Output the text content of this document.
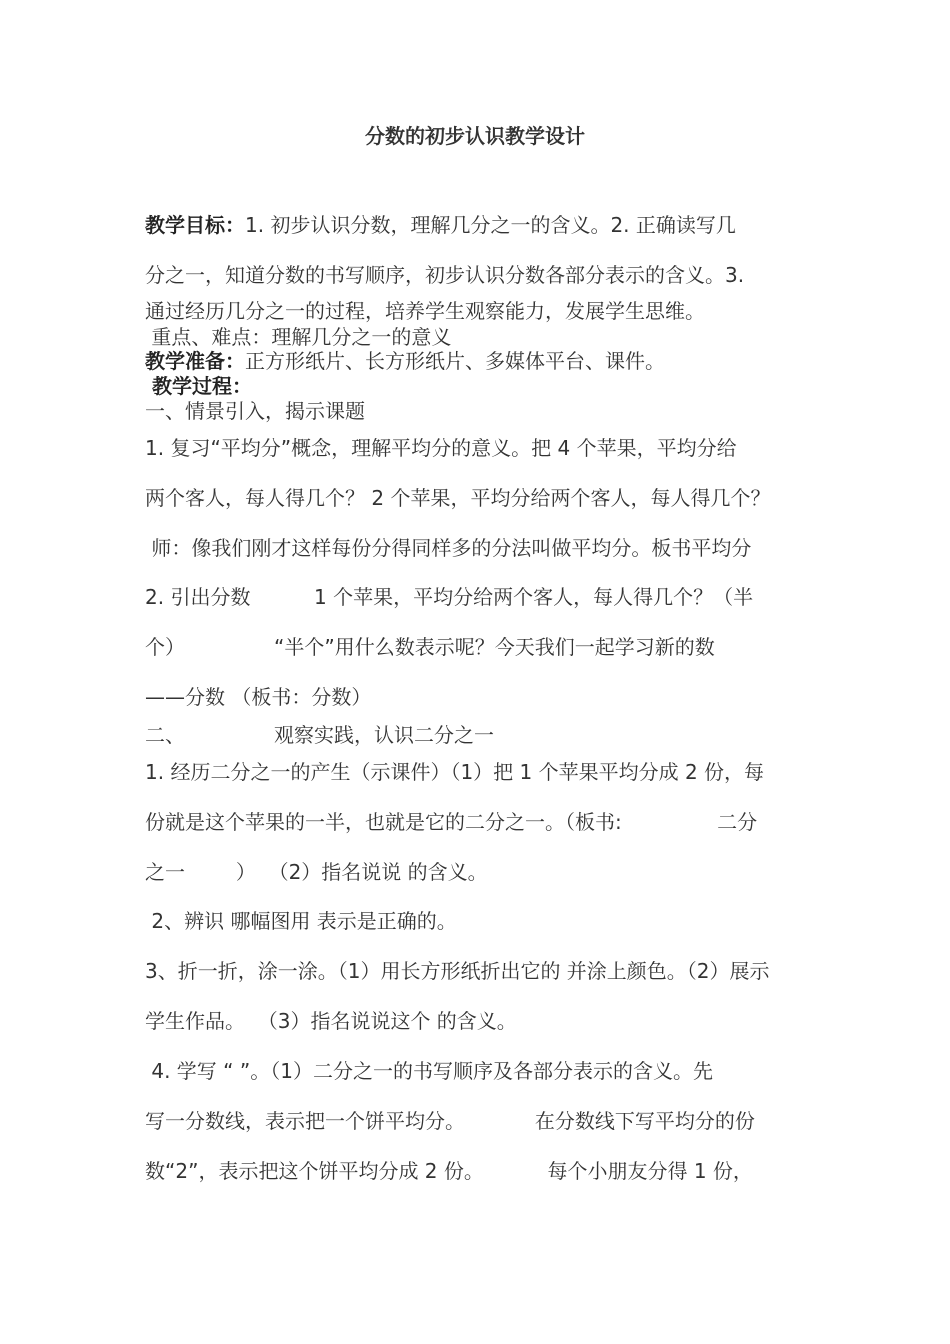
分数的初步认识教学设计

教学目标：1. 初步认识分数，理解几分之一的含义。2. 正确读写几

分之一，知道分数的书写顺序，初步认识分数各部分表示的含义。3.

通过经历几分之一的过程，培养学生观察能力，发展学生思维。

重点、难点：理解几分之一的意义

教学准备：正方形纸片、长方形纸片、多媒体平台、课件。

教学过程：

一、情景引入，揭示课题

1. 复习“平均分”概念，理解平均分的意义。把 4 个苹果，平均分给

两个客人，每人得几个？ 2 个苹果，平均分给两个客人，每人得几个？

师：像我们刚才这样每份分得同样多的分法叫做平均分。板书平均分

2. 引出分数          1 个苹果，平均分给两个客人，每人得几个？（半

个）              “半个”用什么数表示呢？今天我们一起学习新的数

——分数 （板书：分数）

二、              观察实践，认识二分之一

1. 经历二分之一的产生（示课件）（1）把 1 个苹果平均分成 2 份，每

份就是这个苹果的一半，也就是它的二分之一。（板书:               二分

之一        ）  （2）指名说说 的含义。

2、辨识 哪幅图用 表示是正确的。

3、折一折，涂一涂。（1）用长方形纸折出它的 并涂上颜色。（2）展示

学生作品。  （3）指名说说这个 的含义。

4. 学写 “ ”。（1）二分之一的书写顺序及各部分表示的含义。先

写一分数线，表示把一个饼平均分。           在分数线下写平均分的份

数“2”，表示把这个饼平均分成 2 份。          每个小朋友分得 1 份，
